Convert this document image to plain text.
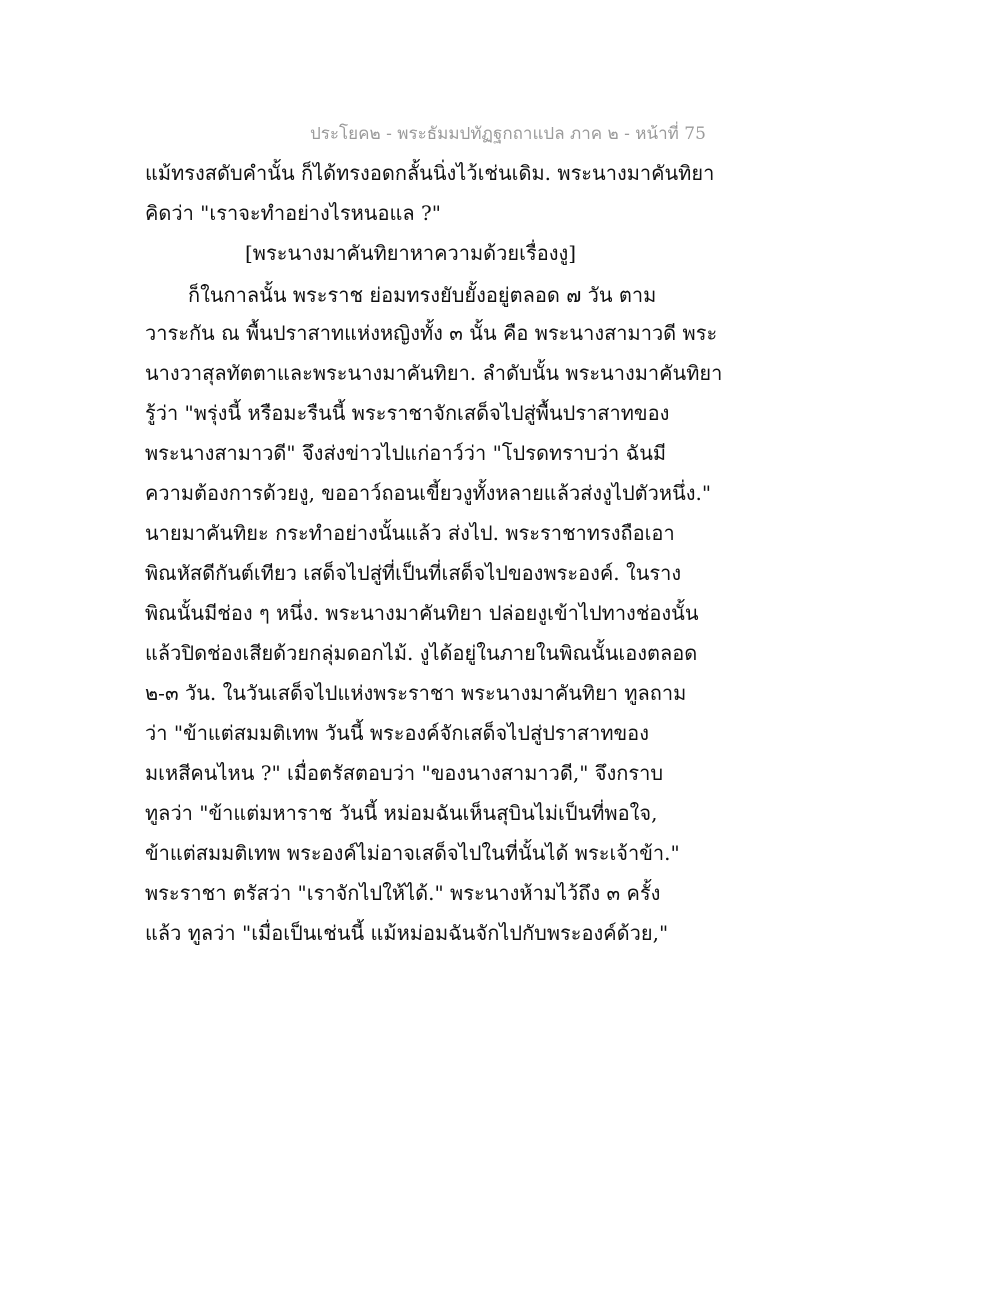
ประโยค๒ - พระธัมมปทัฏฐกถาแปล ภาค ๒ - หน้าที่ 75
แม้ทรงสดับคำนั้น ก็ได้ทรงอดกลั้นนิ่งไว้เช่นเดิม. พระนางมาคันทิยา
คิดว่า "เราจะทำอย่างไรหนอแล ?"
[พระนางมาคันทิยาหาความด้วยเรื่องงู]
ก็ในกาลนั้น พระราช ย่อมทรงยับยั้งอยู่ตลอด ๗ วัน ตาม
วาระกัน ณ พื้นปราสาทแห่งหญิงทั้ง ๓ นั้น คือ พระนางสามาวดี พระ
นางวาสุลทัตตาและพระนางมาคันทิยา. ลำดับนั้น พระนางมาคันทิยา
รู้ว่า "พรุ่งนี้ หรือมะรืนนี้ พระราชาจักเสด็จไปสู่พื้นปราสาทของ
พระนางสามาวดี" จึงส่งข่าวไปแก่อาว์ว่า "โปรดทราบว่า ฉันมี
ความต้องการด้วยงู, ขออาว์ถอนเขี้ยวงูทั้งหลายแล้วส่งงูไปตัวหนึ่ง."
นายมาคันทิยะ กระทำอย่างนั้นแล้ว ส่งไป. พระราชาทรงถือเอา
พิณหัสดีกันต์เทียว เสด็จไปสู่ที่เป็นที่เสด็จไปของพระองค์. ในราง
พิณนั้นมีช่อง ๆ หนึ่ง. พระนางมาคันทิยา ปล่อยงูเข้าไปทางช่องนั้น
แล้วปิดช่องเสียด้วยกลุ่มดอกไม้. งูได้อยู่ในภายในพิณนั้นเองตลอด
๒-๓ วัน. ในวันเสด็จไปแห่งพระราชา พระนางมาคันทิยา ทูลถาม
ว่า "ข้าแต่สมมติเทพ วันนี้ พระองค์จักเสด็จไปสู่ปราสาทของ
มเหสีคนไหน ?" เมื่อตรัสตอบว่า "ของนางสามาวดี," จึงกราบ
ทูลว่า "ข้าแต่มหาราช วันนี้ หม่อมฉันเห็นสุบินไม่เป็นที่พอใจ,
ข้าแต่สมมติเทพ พระองค์ไม่อาจเสด็จไปในที่นั้นได้ พระเจ้าข้า."
พระราชา ตรัสว่า "เราจักไปให้ได้." พระนางห้ามไว้ถึง ๓ ครั้ง
แล้ว ทูลว่า "เมื่อเป็นเช่นนี้ แม้หม่อมฉันจักไปกับพระองค์ด้วย,"
